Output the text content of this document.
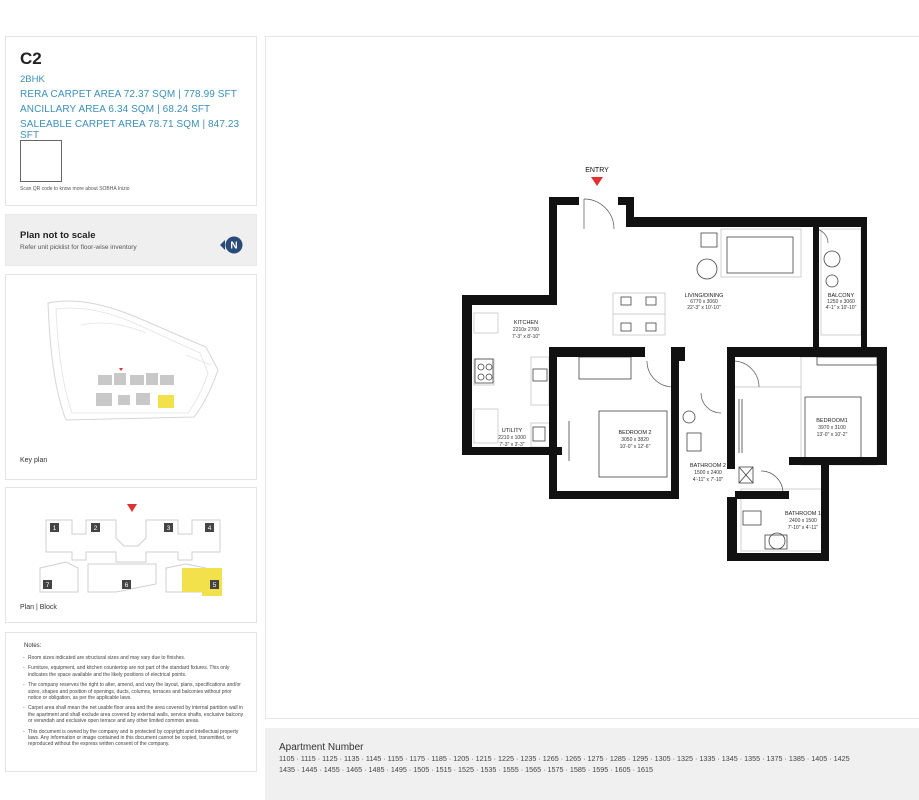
C2
2BHK
RERA CARPET AREA 72.37 SQM | 778.99 SFT
ANCILLARY AREA 6.34 SQM | 68.24 SFT
SALEABLE CARPET AREA 78.71 SQM | 847.23 SFT
Scan QR code to know more about SOBHA Inizio
Plan not to scale
Refer unit picklist for floor-wise inventory	N
Key plan
1	2	3	4
5
6
7
Plan | Block
Notes:
- Room sizes indicated are structural sizes and may vary due to finishes.
- Furniture, equipment, and kitchen countertop are not part of the standard fixtures. This only indicates the space available and the likely positions of electrical points.
- The company reserves the right to alter, amend, and vary the layout, plans, specifications and/or sizes, shapes and position of openings, ducts, columns, terraces and balconies without prior notice or obligation, as per the applicable laws.
- Carpet area shall mean the net usable floor area and the area covered by internal partition wall in the apartment and shall exclude area covered by external walls, service shafts, exclusive balcony or verandah and exclusive open terrace and any other limited common areas.
- This document is owned by the company and is protected by copyright and intellectual property laws. Any information or image contained in this document cannot be copied, transmitted, or reproduced without the express written consent of the company.
ENTRY
LIVING/DINING
6770 x 3060
22'-3" x 10'-10"
BALCONY
1250 x 3060
4'-1" x 10'-10"
KITCHEN
2210x 2700
7'-3" x 8'-10"
UTILITY
2210 x 1000
7'-3" x 3'-3"
BEDROOM 2
3050 x 3820
10'-0" x 12'-6"
BATHROOM 2
1500 x 2400
4'-11" x 7'-10"
BEDROOM1
3970 x 3100
13'-0" x 10'-2"
BATHROOM 1
2400 x 1500
7'-10" x 4'-11"
Apartment Number
1105 · 1115 · 1125 · 1135 · 1145 · 1155 · 1175 · 1185 · 1205 · 1215 · 1225 · 1235 · 1265 · 1265 · 1275 · 1285 · 1295 · 1305 · 1325 · 1335 · 1345 · 1355 · 1375 · 1385 · 1405 · 1425
1435 · 1445 · 1455 · 1465 · 1485 · 1495 · 1505 · 1515 · 1525 · 1535 · 1555 · 1565 · 1575 · 1585 · 1595 · 1605 · 1615
